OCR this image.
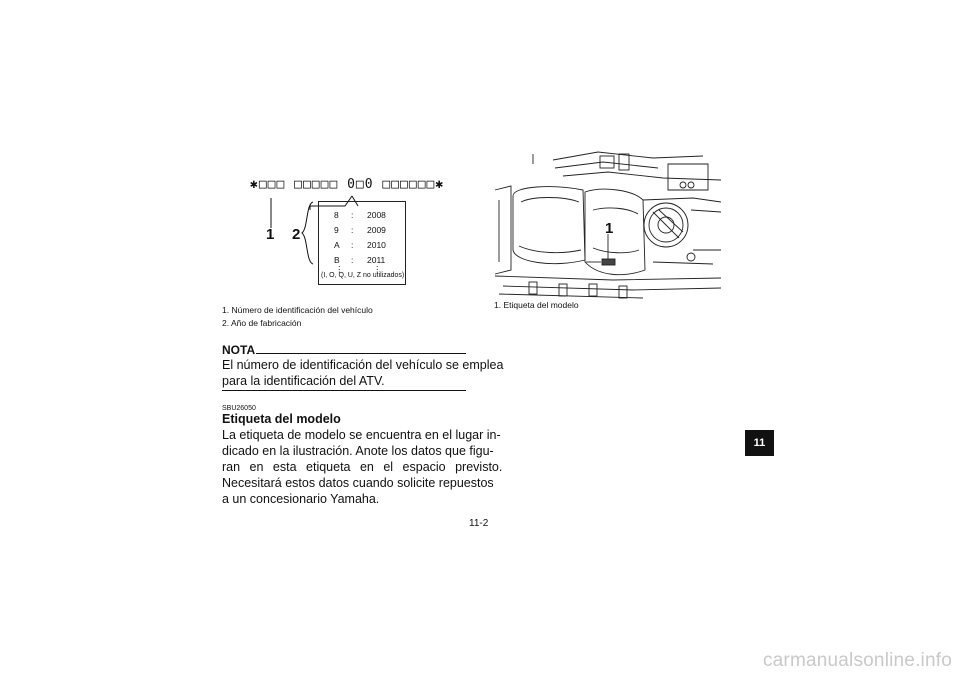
✱□□□ □□□□□ 0□0 □□□□□□✱
1 2
8 : 2008
9 : 2009
A : 2010
B : 2011
⋮	⋮
(I, O, Q, U, Z no utilizados)
1. Número de identificación del vehículo
2. Año de fabricación
NOTA
El número de identificación del vehículo se emplea
para la identificación del ATV.
SBU26050
Etiqueta del modelo
La etiqueta de modelo se encuentra en el lugar in-
dicado en la ilustración. Anote los datos que figu-
ran en esta etiqueta en el espacio previsto.
Necesitará estos datos cuando solicite repuestos
a un concesionario Yamaha.
1
1. Etiqueta del modelo
11-2
11
carmanualsonline.info
